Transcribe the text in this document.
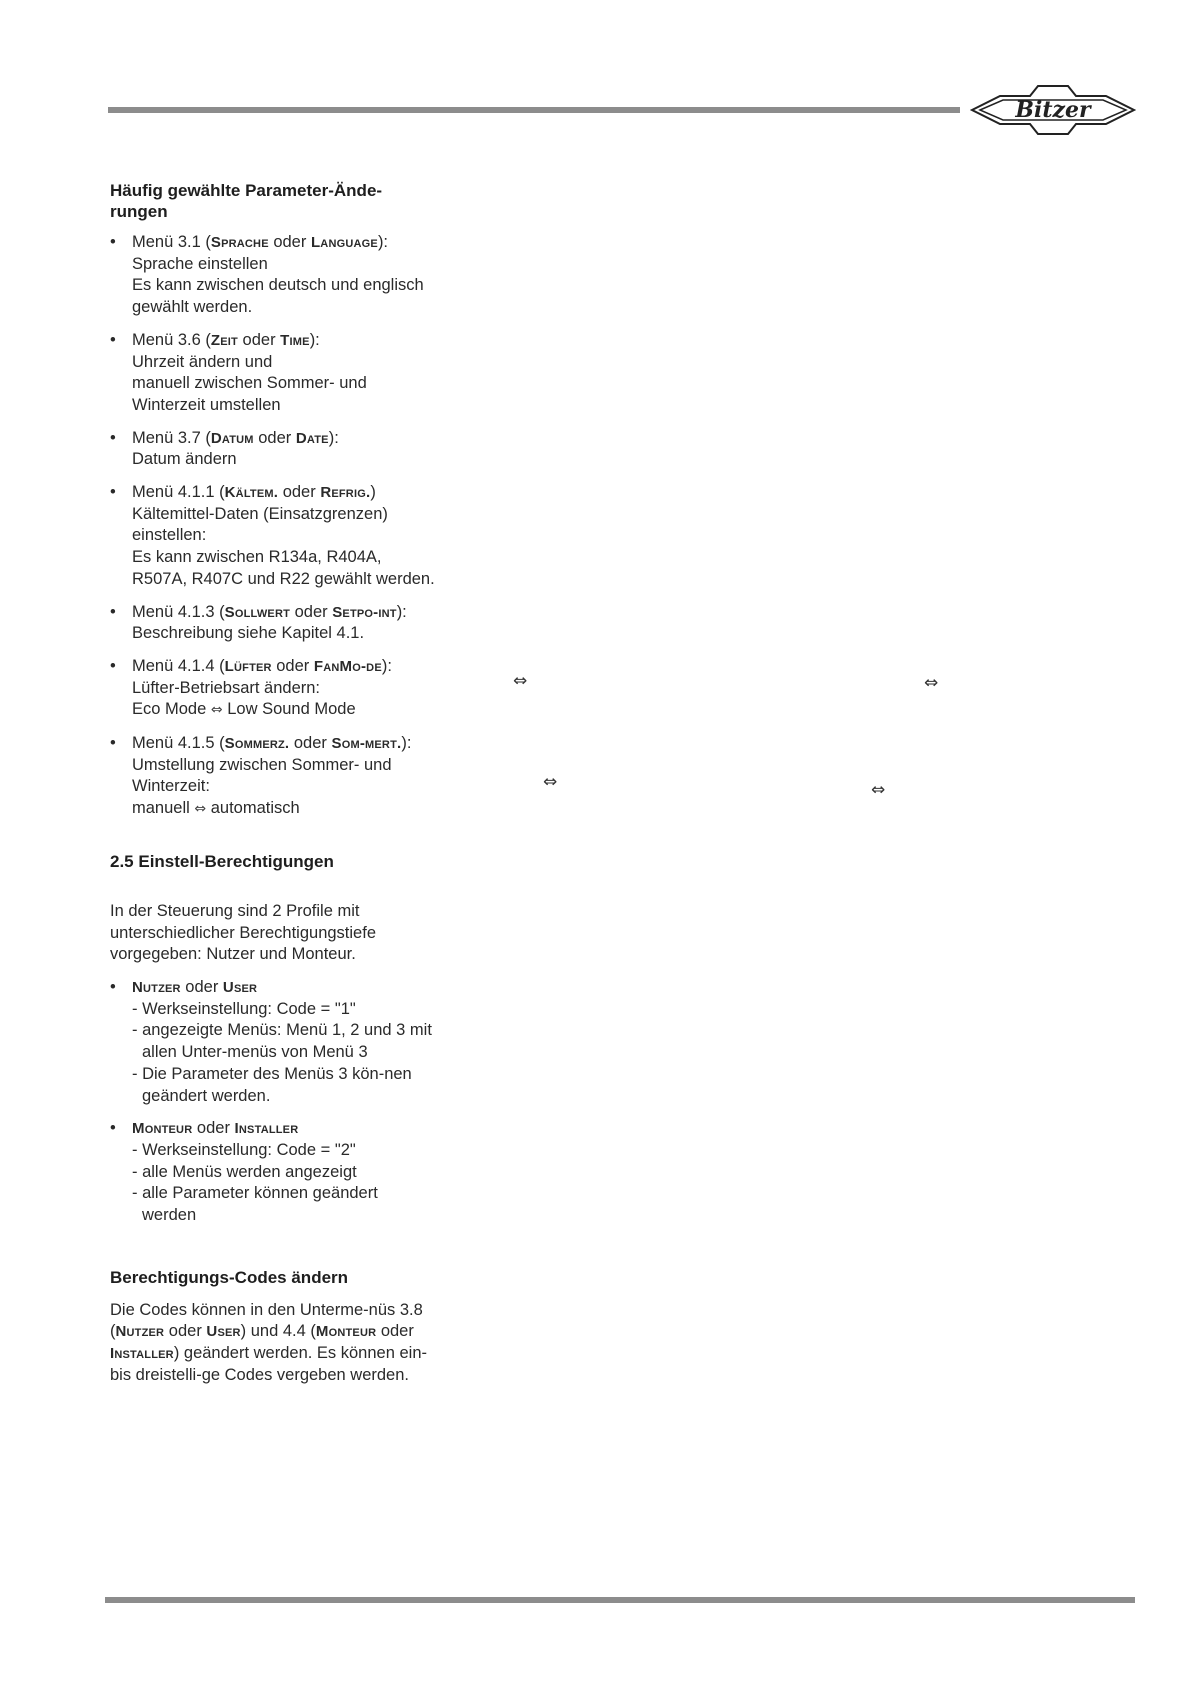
Bitzer
Häufig gewählte Parameter-Ände-rungen
• Menü 3.1 (Sprache oder Language): Sprache einstellen
Es kann zwischen deutsch und englisch gewählt werden.
• Menü 3.6 (Zeit oder Time):
Uhrzeit ändern und
manuell zwischen Sommer- und Winterzeit umstellen
• Menü 3.7 (Datum oder Date):
Datum ändern
• Menü 4.1.1 (Kältem. oder Refrig.)
Kältemittel-Daten (Einsatzgrenzen) einstellen:
Es kann zwischen R134a, R404A, R507A, R407C und R22 gewählt werden.
• Menü 4.1.3 (Sollwert oder Setpo-int):
Beschreibung siehe Kapitel 4.1.
• Menü 4.1.4 (Lüfter oder FanMo-de):
Lüfter-Betriebsart ändern:
Eco Mode ⇔ Low Sound Mode
• Menü 4.1.5 (Sommerz. oder Som-mert.):
Umstellung zwischen Sommer- und Winterzeit:
manuell ⇔ automatisch
2.5 Einstell-Berechtigungen

In der Steuerung sind 2 Profile mit unterschiedlicher Berechtigungstiefe vorgegeben: Nutzer und Monteur.

• Nutzer oder User
- Werkseinstellung: Code = "1"
- angezeigte Menüs: Menü 1, 2 und 3 mit allen Unter-menüs von Menü 3
- Die Parameter des Menüs 3 kön-nen geändert werden.
• Monteur oder Installer
- Werkseinstellung: Code = "2"
- alle Menüs werden angezeigt
- alle Parameter können geändert werden
Berechtigungs-Codes ändern

Die Codes können in den Unterme-nüs 3.8 (Nutzer oder User) und 4.4 (Monteur oder Installer) geändert werden. Es können ein- bis dreistelli-ge Codes vergeben werden.

⇔	⇔
⇔	⇔
